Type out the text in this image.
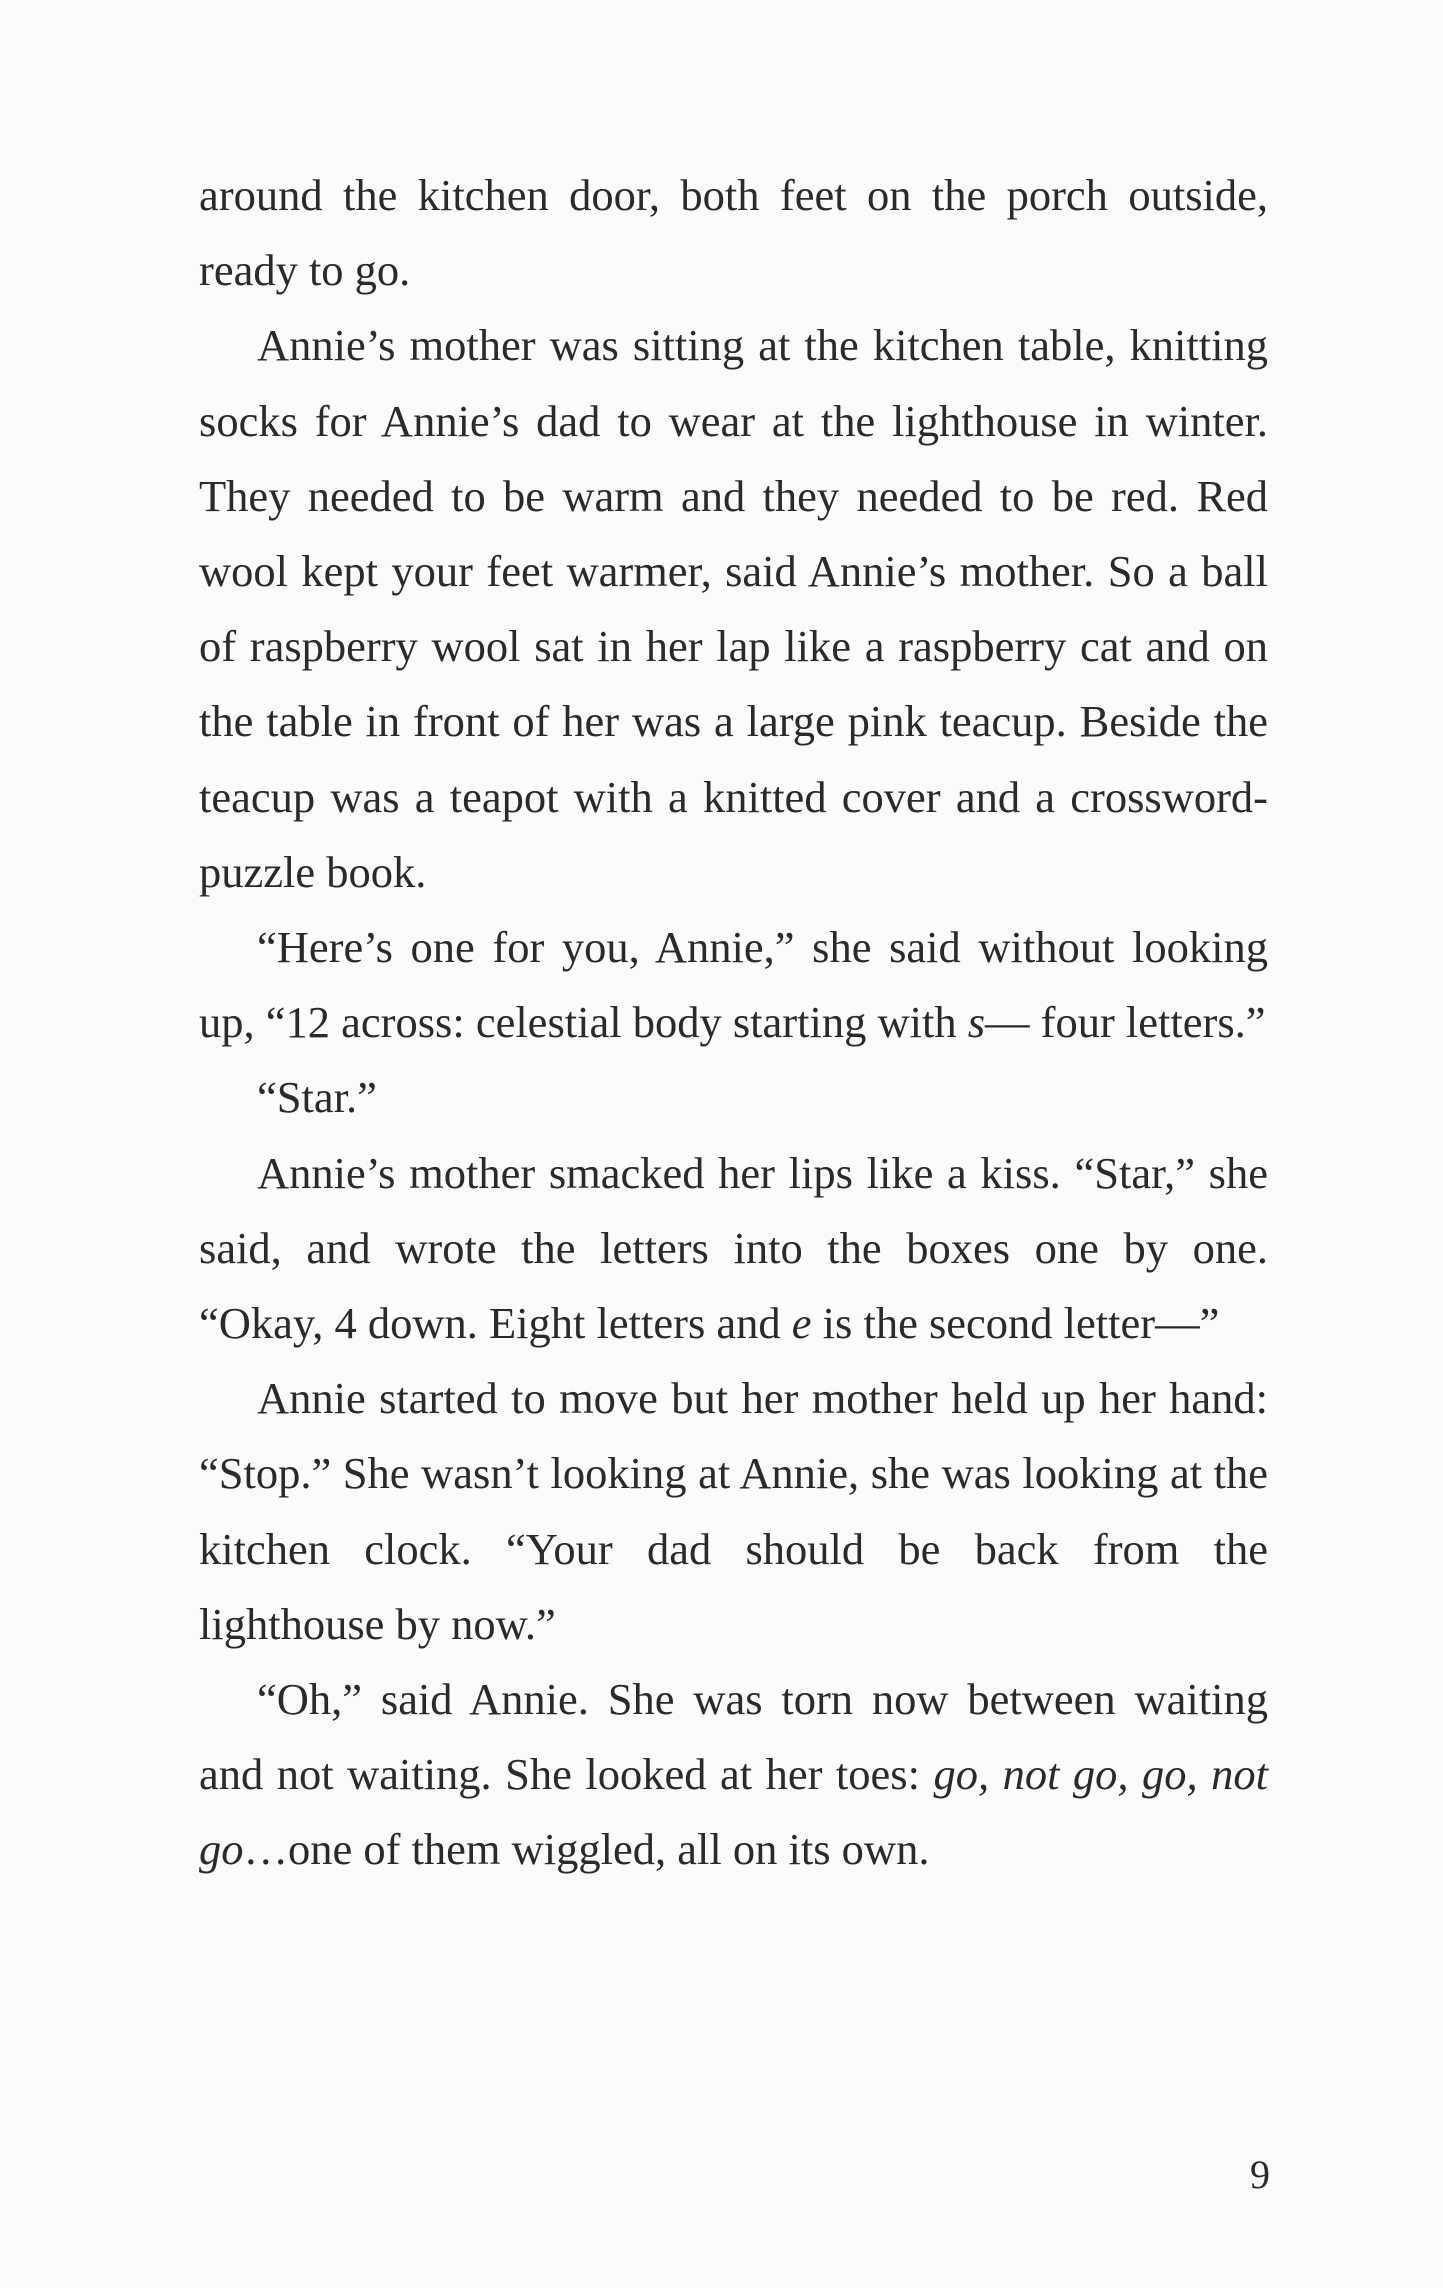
around the kitchen door, both feet on the porch outside, ready to go.

Annie’s mother was sitting at the kitchen table, knitting socks for Annie’s dad to wear at the lighthouse in winter. They needed to be warm and they needed to be red. Red wool kept your feet warmer, said Annie’s mother. So a ball of raspberry wool sat in her lap like a raspberry cat and on the table in front of her was a large pink teacup. Beside the teacup was a teapot with a knitted cover and a crossword-puzzle book.

“Here’s one for you, Annie,” she said without looking up, “12 across: celestial body starting with s— four letters.”

“Star.”

Annie’s mother smacked her lips like a kiss. “Star,” she said, and wrote the letters into the boxes one by one. “Okay, 4 down. Eight letters and e is the second letter—”

Annie started to move but her mother held up her hand: “Stop.” She wasn’t looking at Annie, she was looking at the kitchen clock. “Your dad should be back from the lighthouse by now.”

“Oh,” said Annie. She was torn now between waiting and not waiting. She looked at her toes: go, not go, go, not go…one of them wiggled, all on its own.

9
